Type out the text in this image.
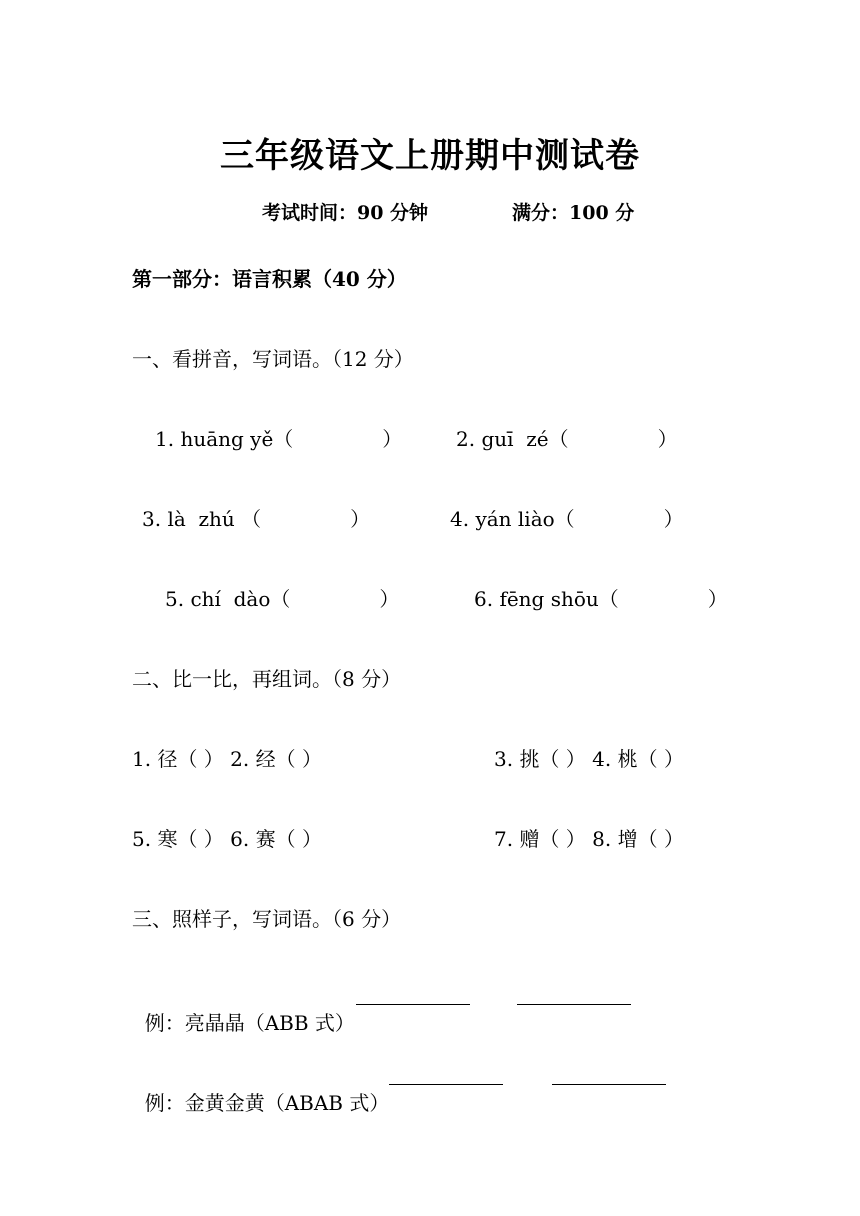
三年级语文上册期中测试卷
考试时间：90 分钟	满分：100 分
第一部分：语言积累（40 分）
一、看拼音，写词语。（12 分）
1. huāng yě（              ）	2. guī  zé（              ）
3. là  zhú （              ）	4. yán liào（              ）
5. chí  dào（              ）	6. fēng shōu（              ）
二、比一比，再组词。（8 分）
1. 径（ ） 2. 经（ ）	3. 挑（ ） 4. 桃（ ）
5. 寒（ ） 6. 赛（ ）	7. 赠（ ） 8. 增（ ）
三、照样子，写词语。（6 分）

例：亮晶晶（ABB 式）

例：金黄金黄（ABAB 式）
